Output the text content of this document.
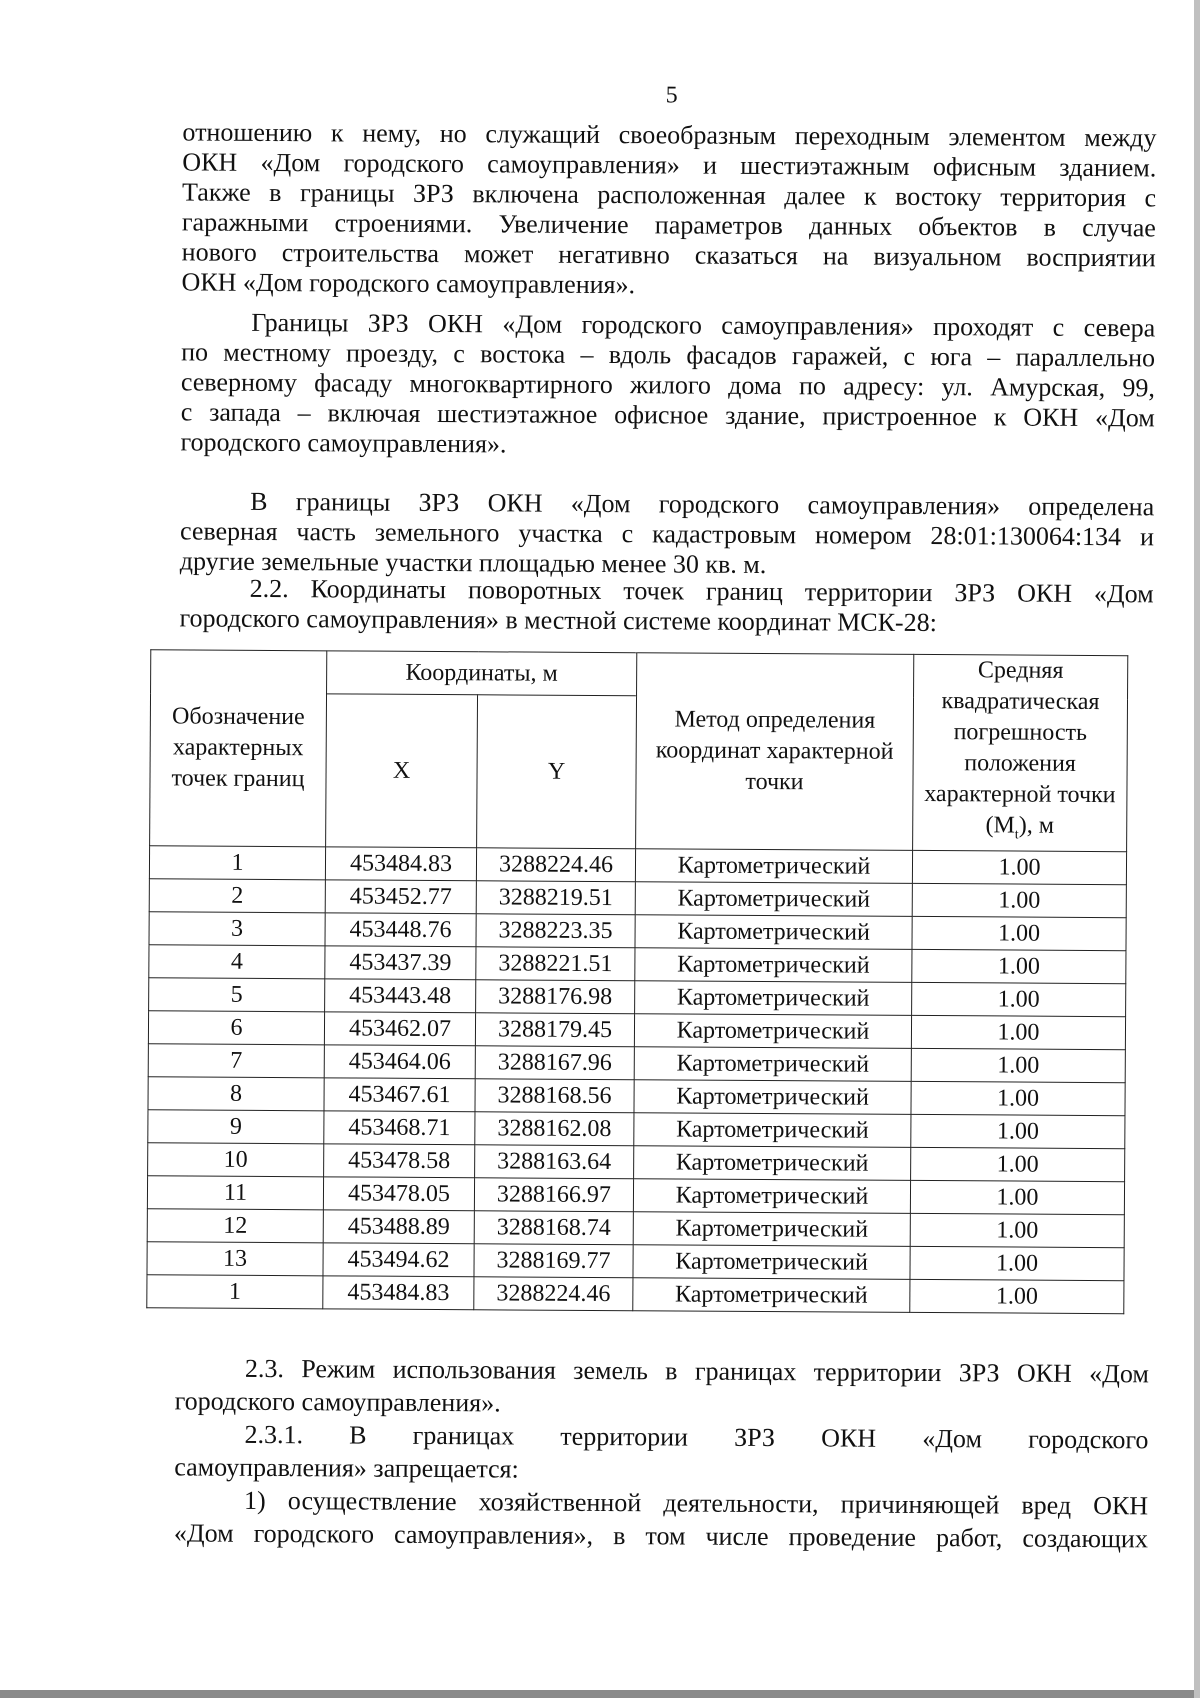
5
отношению к нему, но служащий своеобразным переходным элементом между
ОКН «Дом городского самоуправления» и шестиэтажным офисным зданием.
Также в границы ЗРЗ включена расположенная далее к востоку территория с
гаражными строениями. Увеличение параметров данных объектов в случае
нового строительства может негативно сказаться на визуальном восприятии
ОКН «Дом городского самоуправления».
Границы ЗРЗ ОКН «Дом городского самоуправления» проходят с севера
по местному проезду, с востока – вдоль фасадов гаражей, с юга – параллельно
северному фасаду многоквартирного жилого дома по адресу: ул. Амурская, 99,
с запада – включая шестиэтажное офисное здание, пристроенное к ОКН «Дом
городского самоуправления».
В границы ЗРЗ ОКН «Дом городского самоуправления» определена
северная часть земельного участка с кадастровым номером 28:01:130064:134 и
другие земельные участки площадью менее 30 кв. м.
2.2. Координаты поворотных точек границ территории ЗРЗ ОКН «Дом
городского самоуправления» в местной системе координат МСК-28:
Обозначение характерных точек границ	Координаты, м		Метод определения координат характерной точки	Средняя квадратическая погрешность положения характерной точки $(M_t)$, м
	X	Y		
1	453484.83	3288224.46	Картометрический	1.00
2	453452.77	3288219.51	Картометрический	1.00
3	453448.76	3288223.35	Картометрический	1.00
4	453437.39	3288221.51	Картометрический	1.00
5	453443.48	3288176.98	Картометрический	1.00
6	453462.07	3288179.45	Картометрический	1.00
7	453464.06	3288167.96	Картометрический	1.00
8	453467.61	3288168.56	Картометрический	1.00
9	453468.71	3288162.08	Картометрический	1.00
10	453478.58	3288163.64	Картометрический	1.00
11	453478.05	3288166.97	Картометрический	1.00
12	453488.89	3288168.74	Картометрический	1.00
13	453494.62	3288169.77	Картометрический	1.00
1	453484.83	3288224.46	Картометрический	1.00
2.3. Режим использования земель в границах территории ЗРЗ ОКН «Дом
городского самоуправления».
2.3.1. В границах территории ЗРЗ ОКН «Дом городского
самоуправления» запрещается:
1) осуществление хозяйственной деятельности, причиняющей вред ОКН
«Дом городского самоуправления», в том числе проведение работ, создающих
